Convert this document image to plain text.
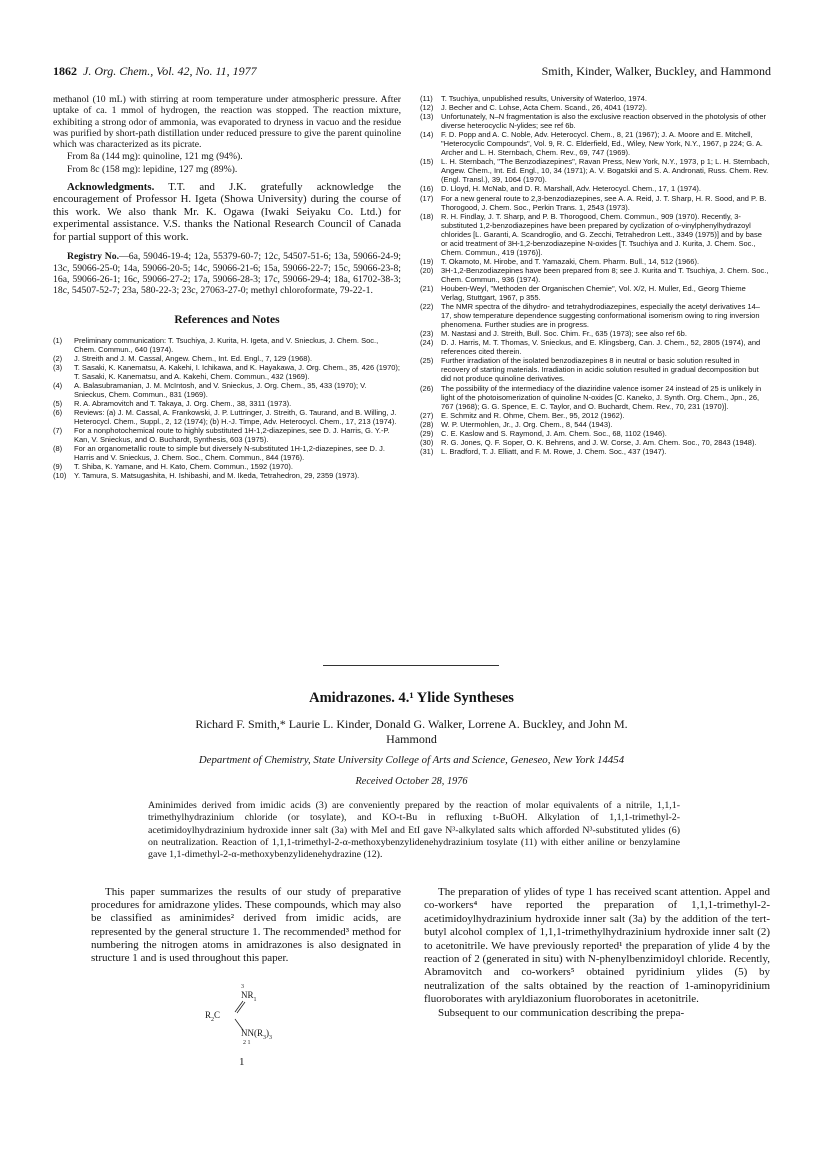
1862 J. Org. Chem., Vol. 42, No. 11, 1977	Smith, Kinder, Walker, Buckley, and Hammond

methanol (10 mL) with stirring at room temperature under atmospheric pressure. After uptake of ca. 1 mmol of hydrogen, the reaction was stopped. The reaction mixture, exhibiting a strong odor of ammonia, was evaporated to dryness in vacuo and the residue was purified by short-path distillation under reduced pressure to give the parent quinoline which was characterized as its picrate.

From 8a (144 mg): quinoline, 121 mg (94%).

From 8c (158 mg): lepidine, 127 mg (89%).

Acknowledgments. T.T. and J.K. gratefully acknowledge the encouragement of Professor H. Igeta (Showa University) during the course of this work. We also thank Mr. K. Ogawa (Iwaki Seiyaku Co. Ltd.) for experimental assistance. V.S. thanks the National Research Council of Canada for partial support of this work.

Registry No.—6a, 59046-19-4; 12a, 55379-60-7; 12c, 54507-51-6; 13a, 59066-24-9; 13c, 59066-25-0; 14a, 59066-20-5; 14c, 59066-21-6; 15a, 59066-22-7; 15c, 59066-23-8; 16a, 59066-26-1; 16c, 59066-27-2; 17a, 59066-28-3; 17c, 59066-29-4; 18a, 61702-38-3; 18c, 54507-52-7; 23a, 580-22-3; 23c, 27063-27-0; methyl chloroformate, 79-22-1.

References and Notes
(1)	Preliminary communication: T. Tsuchiya, J. Kurita, H. Igeta, and V. Snieckus, J. Chem. Soc., Chem. Commun., 640 (1974).
(2)	J. Streith and J. M. Cassal, Angew. Chem., Int. Ed. Engl., 7, 129 (1968).
(3)	T. Sasaki, K. Kanematsu, A. Kakehi, I. Ichikawa, and K. Hayakawa, J. Org. Chem., 35, 426 (1970); T. Sasaki, K. Kanematsu, and A. Kakehi, Chem. Commun., 432 (1969).
(4)	A. Balasubramanian, J. M. McIntosh, and V. Snieckus, J. Org. Chem., 35, 433 (1970); V. Snieckus, Chem. Commun., 831 (1969).
(5)	R. A. Abramovitch and T. Takaya, J. Org. Chem., 38, 3311 (1973).
(6)	Reviews: (a) J. M. Cassal, A. Frankowski, J. P. Luttringer, J. Streith, G. Taurand, and B. Willing, J. Heterocycl. Chem., Suppl., 2, 12 (1974); (b) H.-J. Timpe, Adv. Heterocycl. Chem., 17, 213 (1974).
(7)	For a nonphotochemical route to highly substituted 1H-1,2-diazepines, see D. J. Harris, G. Y.-P. Kan, V. Snieckus, and O. Buchardt, Synthesis, 603 (1975).
(8)	For an organometallic route to simple but diversely N-substituted 1H-1,2-diazepines, see D. J. Harris and V. Snieckus, J. Chem. Soc., Chem. Commun., 844 (1976).
(9)	T. Shiba, K. Yamane, and H. Kato, Chem. Commun., 1592 (1970).
(10)	Y. Tamura, S. Matsugashita, H. Ishibashi, and M. Ikeda, Tetrahedron, 29, 2359 (1973).
(11)	T. Tsuchiya, unpublished results, University of Waterloo, 1974.
(12)	J. Becher and C. Lohse, Acta Chem. Scand., 26, 4041 (1972).
(13)	Unfortunately, N–N fragmentation is also the exclusive reaction observed in the photolysis of other diverse heterocyclic N-ylides; see ref 6b.
(14)	F. D. Popp and A. C. Noble, Adv. Heterocycl. Chem., 8, 21 (1967); J. A. Moore and E. Mitchell, "Heterocyclic Compounds", Vol. 9, R. C. Elderfield, Ed., Wiley, New York, N.Y., 1967, p 224; G. A. Archer and L. H. Sternbach, Chem. Rev., 69, 747 (1969).
(15)	L. H. Sternbach, "The Benzodiazepines", Ravan Press, New York, N.Y., 1973, p 1; L. H. Sternbach, Angew. Chem., Int. Ed. Engl., 10, 34 (1971); A. V. Bogatskii and S. A. Andronati, Russ. Chem. Rev. (Engl. Transl.), 39, 1064 (1970).
(16)	D. Lloyd, H. McNab, and D. R. Marshall, Adv. Heterocycl. Chem., 17, 1 (1974).
(17)	For a new general route to 2,3-benzodiazepines, see A. A. Reid, J. T. Sharp, H. R. Sood, and P. B. Thorogood, J. Chem. Soc., Perkin Trans. 1, 2543 (1973).
(18)	R. H. Findlay, J. T. Sharp, and P. B. Thorogood, Chem. Commun., 909 (1970). Recently, 3-substituted 1,2-benzodiazepines have been prepared by cyclization of o-vinylphenylhydrazoyl chlorides [L. Garanti, A. Scandroglio, and G. Zecchi, Tetrahedron Lett., 3349 (1975)] and by base or acid treatment of 3H-1,2-benzodiazepine N-oxides [T. Tsuchiya and J. Kurita, J. Chem. Soc., Chem. Commun., 419 (1976)].
(19)	T. Okamoto, M. Hirobe, and T. Yamazaki, Chem. Pharm. Bull., 14, 512 (1966).
(20)	3H-1,2-Benzodiazepines have been prepared from 8; see J. Kurita and T. Tsuchiya, J. Chem. Soc., Chem. Commun., 936 (1974).
(21)	Houben-Weyl, "Methoden der Organischen Chemie", Vol. X/2, H. Muller, Ed., Georg Thieme Verlag, Stuttgart, 1967, p 355.
(22)	The NMR spectra of the dihydro- and tetrahydrodiazepines, especially the acetyl derivatives 14–17, show temperature dependence suggesting conformational isomerism owing to ring inversion phenomena. Further studies are in progress.
(23)	M. Nastasi and J. Streith, Bull. Soc. Chim. Fr., 635 (1973); see also ref 6b.
(24)	D. J. Harris, M. T. Thomas, V. Snieckus, and E. Klingsberg, Can. J. Chem., 52, 2805 (1974), and references cited therein.
(25)	Further irradiation of the isolated benzodiazepines 8 in neutral or basic solution resulted in recovery of starting materials. Irradiation in acidic solution resulted in gradual decomposition but did not produce quinoline derivatives.
(26)	The possibility of the intermediacy of the diaziridine valence isomer 24 instead of 25 is unlikely in light of the photoisomerization of quinoline N-oxides [C. Kaneko, J. Synth. Org. Chem., Jpn., 26, 767 (1968); G. G. Spence, E. C. Taylor, and O. Buchardt, Chem. Rev., 70, 231 (1970)].
(27)	E. Schmitz and R. Ohme, Chem. Ber., 95, 2012 (1962).
(28)	W. P. Utermohlen, Jr., J. Org. Chem., 8, 544 (1943).
(29)	C. E. Kaslow and S. Raymond, J. Am. Chem. Soc., 68, 1102 (1946).
(30)	R. G. Jones, Q. F. Soper, O. K. Behrens, and J. W. Corse, J. Am. Chem. Soc., 70, 2843 (1948).
(31)	L. Bradford, T. J. Elliatt, and F. M. Rowe, J. Chem. Soc., 437 (1947).
Amidrazones. 4.¹ Ylide Syntheses
Richard F. Smith,* Laurie L. Kinder, Donald G. Walker, Lorrene A. Buckley, and John M. Hammond
Department of Chemistry, State University College of Arts and Science, Geneseo, New York 14454
Received October 28, 1976
Aminimides derived from imidic acids (3) are conveniently prepared by the reaction of molar equivalents of a nitrile, 1,1,1-trimethylhydrazinium chloride (or tosylate), and KO-t-Bu in refluxing t-BuOH. Alkylation of 1,1,1-trimethyl-2-acetimidoylhydrazinium hydroxide inner salt (3a) with MeI and EtI gave N³-alkylated salts which afforded N³-substituted ylides (6) on neutralization. Reaction of 1,1,1-trimethyl-2-α-methoxybenzylidenehydrazinium tosylate (11) with either aniline or benzylamine gave 1,1-dimethyl-2-α-methoxybenzylidenehydrazine (12).

This paper summarizes the results of our study of preparative procedures for amidrazone ylides. These compounds, which may also be classified as aminimides² derived from imidic acids, are represented by the general structure 1. The recommended³ method for numbering the nitrogen atoms in amidrazones is also designated in structure 1 and is used throughout this paper.

3
$NR_1$
$R_2C$
$NN(R_3)_3$
2 1
1

The preparation of ylides of type 1 has received scant attention. Appel and co-workers⁴ have reported the preparation of 1,1,1-trimethyl-2-acetimidoylhydrazinium hydroxide inner salt (3a) by the addition of the tert-butyl alcohol complex of 1,1,1-trimethylhydrazinium hydroxide inner salt (2) to acetonitrile. We have previously reported¹ the preparation of ylide 4 by the reaction of 2 (generated in situ) with N-phenylbenzimidoyl chloride. Recently, Abramovitch and co-workers⁵ obtained pyridinium ylides (5) by neutralization of the salts obtained by the reaction of 1-aminopyridinium fluoroborates with aryldiazonium fluoroborates in acetonitrile.

Subsequent to our communication describing the prepa-
